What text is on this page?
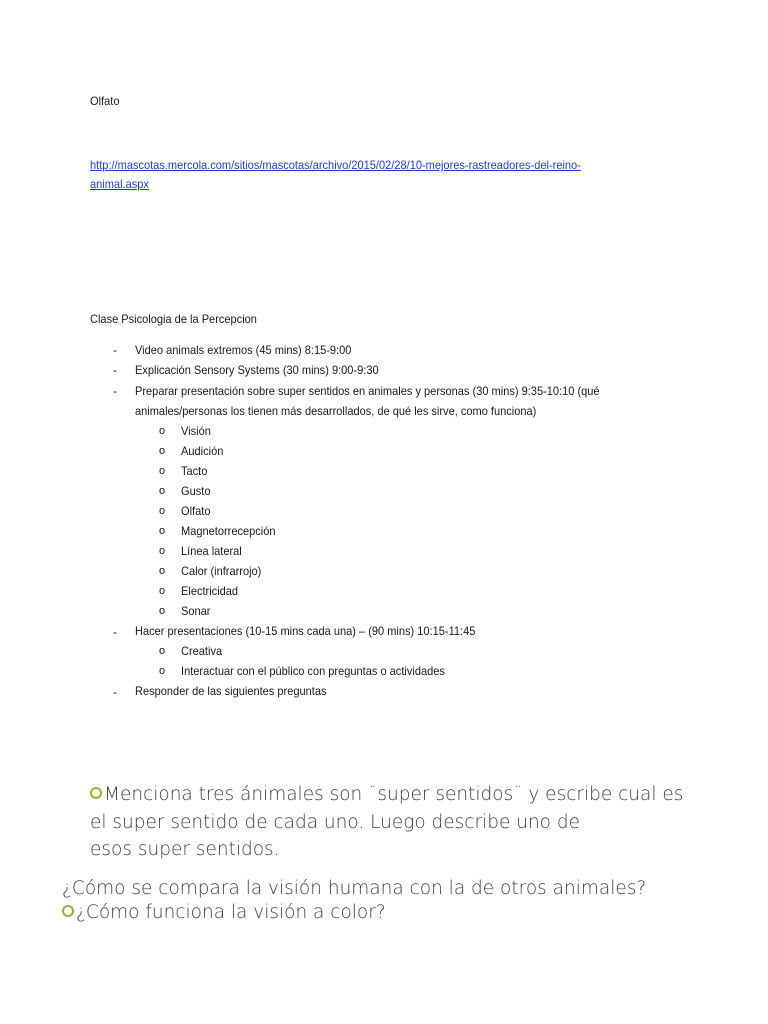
Olfato
http://mascotas.mercola.com/sitios/mascotas/archivo/2015/02/28/10-mejores-rastreadores-del-reino-
animal.aspx
Clase Psicologia de la Percepcion
- Video animals extremos (45 mins) 8:15-9:00
- Explicación Sensory Systems (30 mins) 9:00-9:30
- Preparar presentación sobre super sentidos en animales y personas (30 mins) 9:35-10:10 (qué
animales/personas los tienen más desarrollados, de qué les sirve, como funciona)
o Visión
o Audición
o Tacto
o Gusto
o Olfato
o Magnetorrecepción
o Línea lateral
o Calor (infrarrojo)
o Electricidad
o Sonar
- Hacer presentaciones (10-15 mins cada una) – (90 mins) 10:15-11:45
o Creativa
o Interactuar con el público con preguntas o actividades
- Responder de las siguientes preguntas
Menciona tres ánimales son ¨super sentidos¨ y escribe cual es
el super sentido de cada uno. Luego describe uno de
esos super sentidos.
¿Cómo se compara la visión humana con la de otros animales?
¿Cómo funciona la visión a color?
